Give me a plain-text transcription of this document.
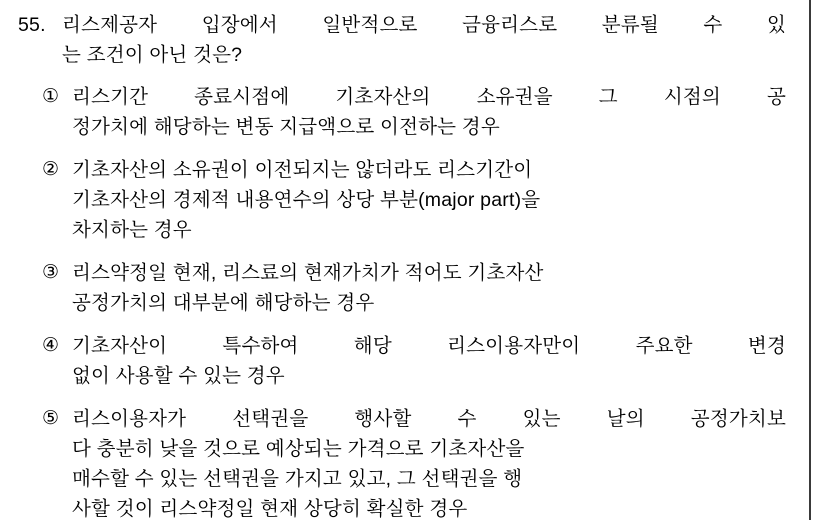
55. 리스제공자 입장에서 일반적으로 금융리스로 분류될 수 있
는 조건이 아닌 것은?
① 리스기간 종료시점에 기초자산의 소유권을 그 시점의 공
정가치에 해당하는 변동 지급액으로 이전하는 경우
② 기초자산의 소유권이 이전되지는 않더라도 리스기간이
기초자산의 경제적 내용연수의 상당 부분(major part)을
차지하는 경우
③ 리스약정일 현재, 리스료의 현재가치가 적어도 기초자산
공정가치의 대부분에 해당하는 경우
④ 기초자산이 특수하여 해당 리스이용자만이 주요한 변경
없이 사용할 수 있는 경우
⑤ 리스이용자가 선택권을 행사할 수 있는 날의 공정가치보
다 충분히 낮을 것으로 예상되는 가격으로 기초자산을
매수할 수 있는 선택권을 가지고 있고, 그 선택권을 행
사할 것이 리스약정일 현재 상당히 확실한 경우
